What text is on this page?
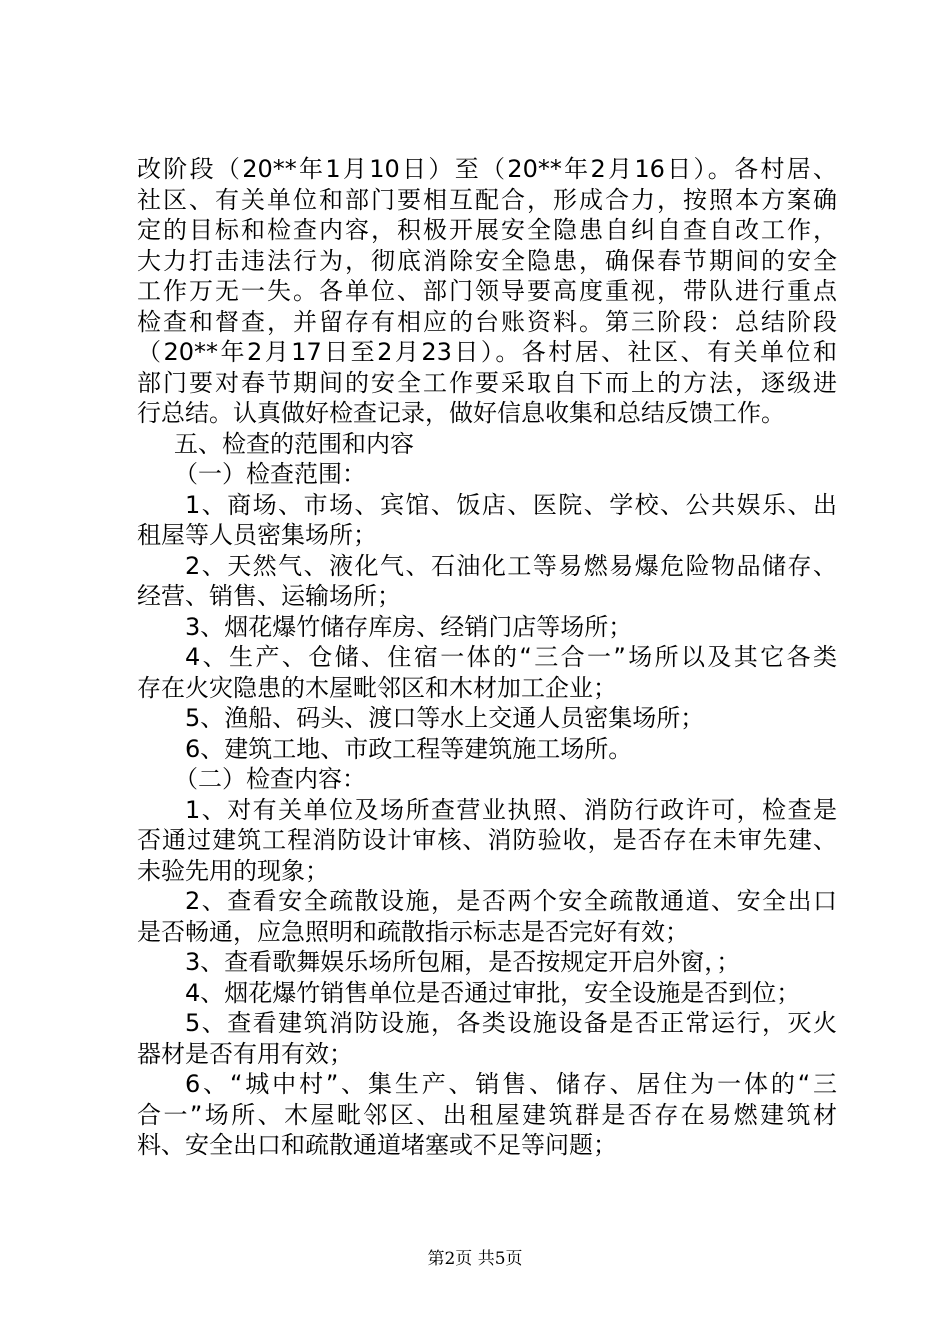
改阶段（20**年1月10日）至（20**年2月16日）。各村居、
社区、有关单位和部门要相互配合，形成合力，按照本方案确
定的目标和检查内容，积极开展安全隐患自纠自查自改工作，
大力打击违法行为，彻底消除安全隐患，确保春节期间的安全
工作万无一失。各单位、部门领导要高度重视，带队进行重点
检查和督查，并留存有相应的台账资料。第三阶段：总结阶段
（20**年2月17日至2月23日）。各村居、社区、有关单位和
部门要对春节期间的安全工作要采取自下而上的方法，逐级进
行总结。认真做好检查记录，做好信息收集和总结反馈工作。
五、检查的范围和内容
（一）检查范围：
1、商场、市场、宾馆、饭店、医院、学校、公共娱乐、出
租屋等人员密集场所；
2、天然气、液化气、石油化工等易燃易爆危险物品储存、
经营、销售、运输场所；
3、烟花爆竹储存库房、经销门店等场所；
4、生产、仓储、住宿一体的“三合一”场所以及其它各类
存在火灾隐患的木屋毗邻区和木材加工企业；
5、渔船、码头、渡口等水上交通人员密集场所；
6、建筑工地、市政工程等建筑施工场所。
（二）检查内容：
1、对有关单位及场所查营业执照、消防行政许可，检查是
否通过建筑工程消防设计审核、消防验收，是否存在未审先建、
未验先用的现象；
2、查看安全疏散设施，是否两个安全疏散通道、安全出口
是否畅通，应急照明和疏散指示标志是否完好有效；
3、查看歌舞娱乐场所包厢，是否按规定开启外窗，；
4、烟花爆竹销售单位是否通过审批，安全设施是否到位；
5、查看建筑消防设施，各类设施设备是否正常运行，灭火
器材是否有用有效；
6、“城中村”、集生产、销售、储存、居住为一体的“三
合一”场所、木屋毗邻区、出租屋建筑群是否存在易燃建筑材
料、安全出口和疏散通道堵塞或不足等问题；
第2页 共5页
